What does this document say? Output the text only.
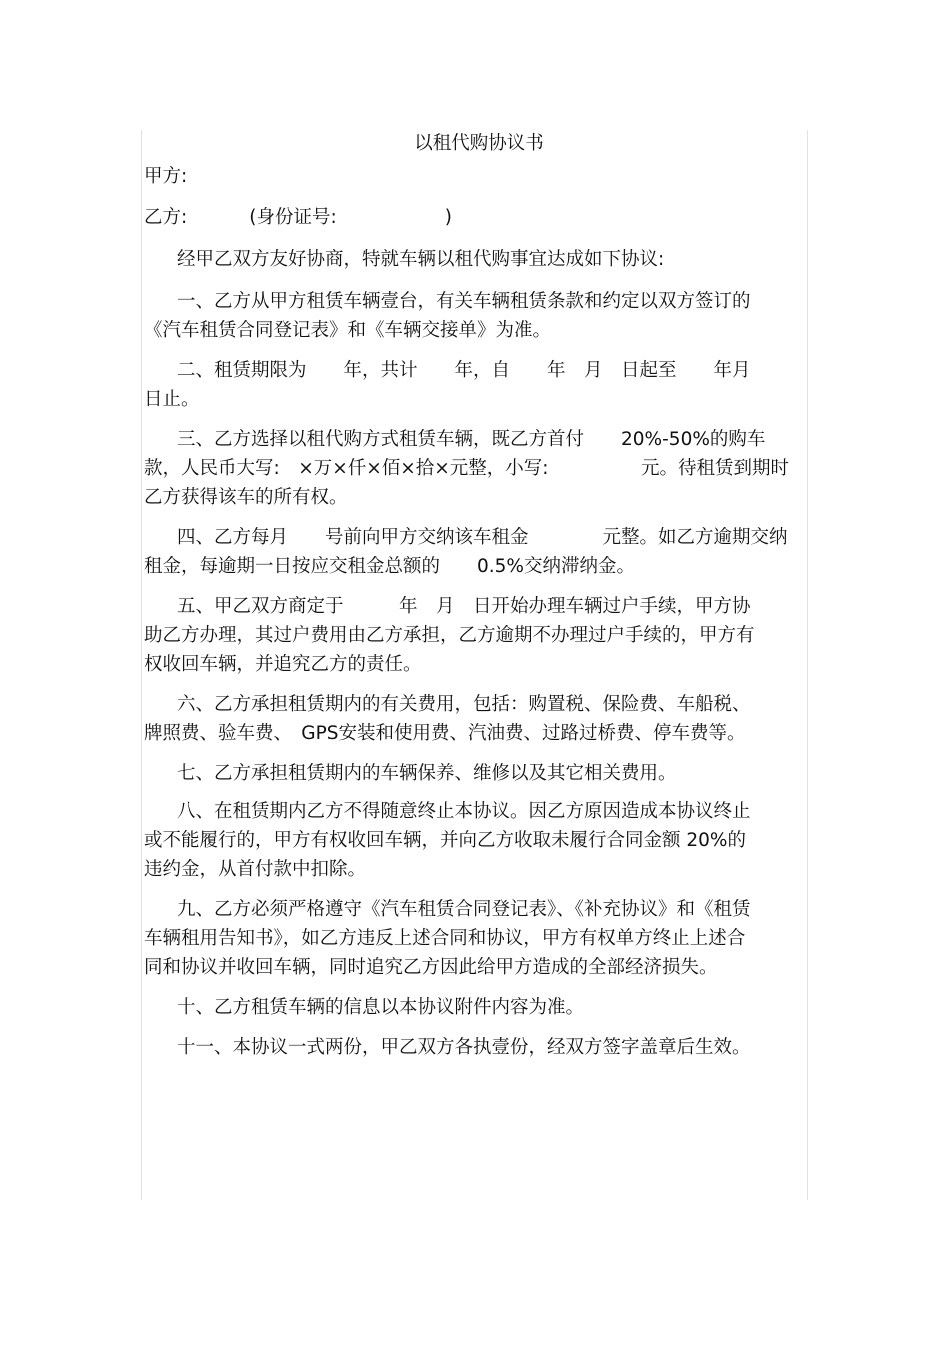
以租代购协议书

甲方:

乙方:	(身份证号:	)

经甲乙双方友好协商，特就车辆以租代购事宜达成如下协议:

一、乙方从甲方租赁车辆壹台，有关车辆租赁条款和约定以双方签订的《汽车租赁合同登记表》和《车辆交接单》为准。

二、租赁期限为　　年，共计　　年，自　　年　月　日起至　　年月　日止。

三、乙方选择以租代购方式租赁车辆，既乙方首付　　20%-50%的购车款，人民币大写:　×万×仟×佰×拾×元整，小写:　　　　　元。待租赁到期时乙方获得该车的所有权。

四、乙方每月　　号前向甲方交纳该车租金　　　　元整。如乙方逾期交纳租金，每逾期一日按应交租金总额的　　0.5%交纳滞纳金。

五、甲乙双方商定于　　　年　月　日开始办理车辆过户手续，甲方协助乙方办理，其过户费用由乙方承担，乙方逾期不办理过户手续的，甲方有权收回车辆，并追究乙方的责任。

六、乙方承担租赁期内的有关费用，包括：购置税、保险费、车船税、牌照费、验车费、　GPS安装和使用费、汽油费、过路过桥费、停车费等。

七、乙方承担租赁期内的车辆保养、维修以及其它相关费用。

八、在租赁期内乙方不得随意终止本协议。因乙方原因造成本协议终止或不能履行的，甲方有权收回车辆，并向乙方收取未履行合同金额 20%的违约金，从首付款中扣除。

九、乙方必须严格遵守《汽车租赁合同登记表》、《补充协议》和《租赁车辆租用告知书》，如乙方违反上述合同和协议，甲方有权单方终止上述合同和协议并收回车辆，同时追究乙方因此给甲方造成的全部经济损失。

十、乙方租赁车辆的信息以本协议附件内容为准。

十一、本协议一式两份，甲乙双方各执壹份，经双方签字盖章后生效。
